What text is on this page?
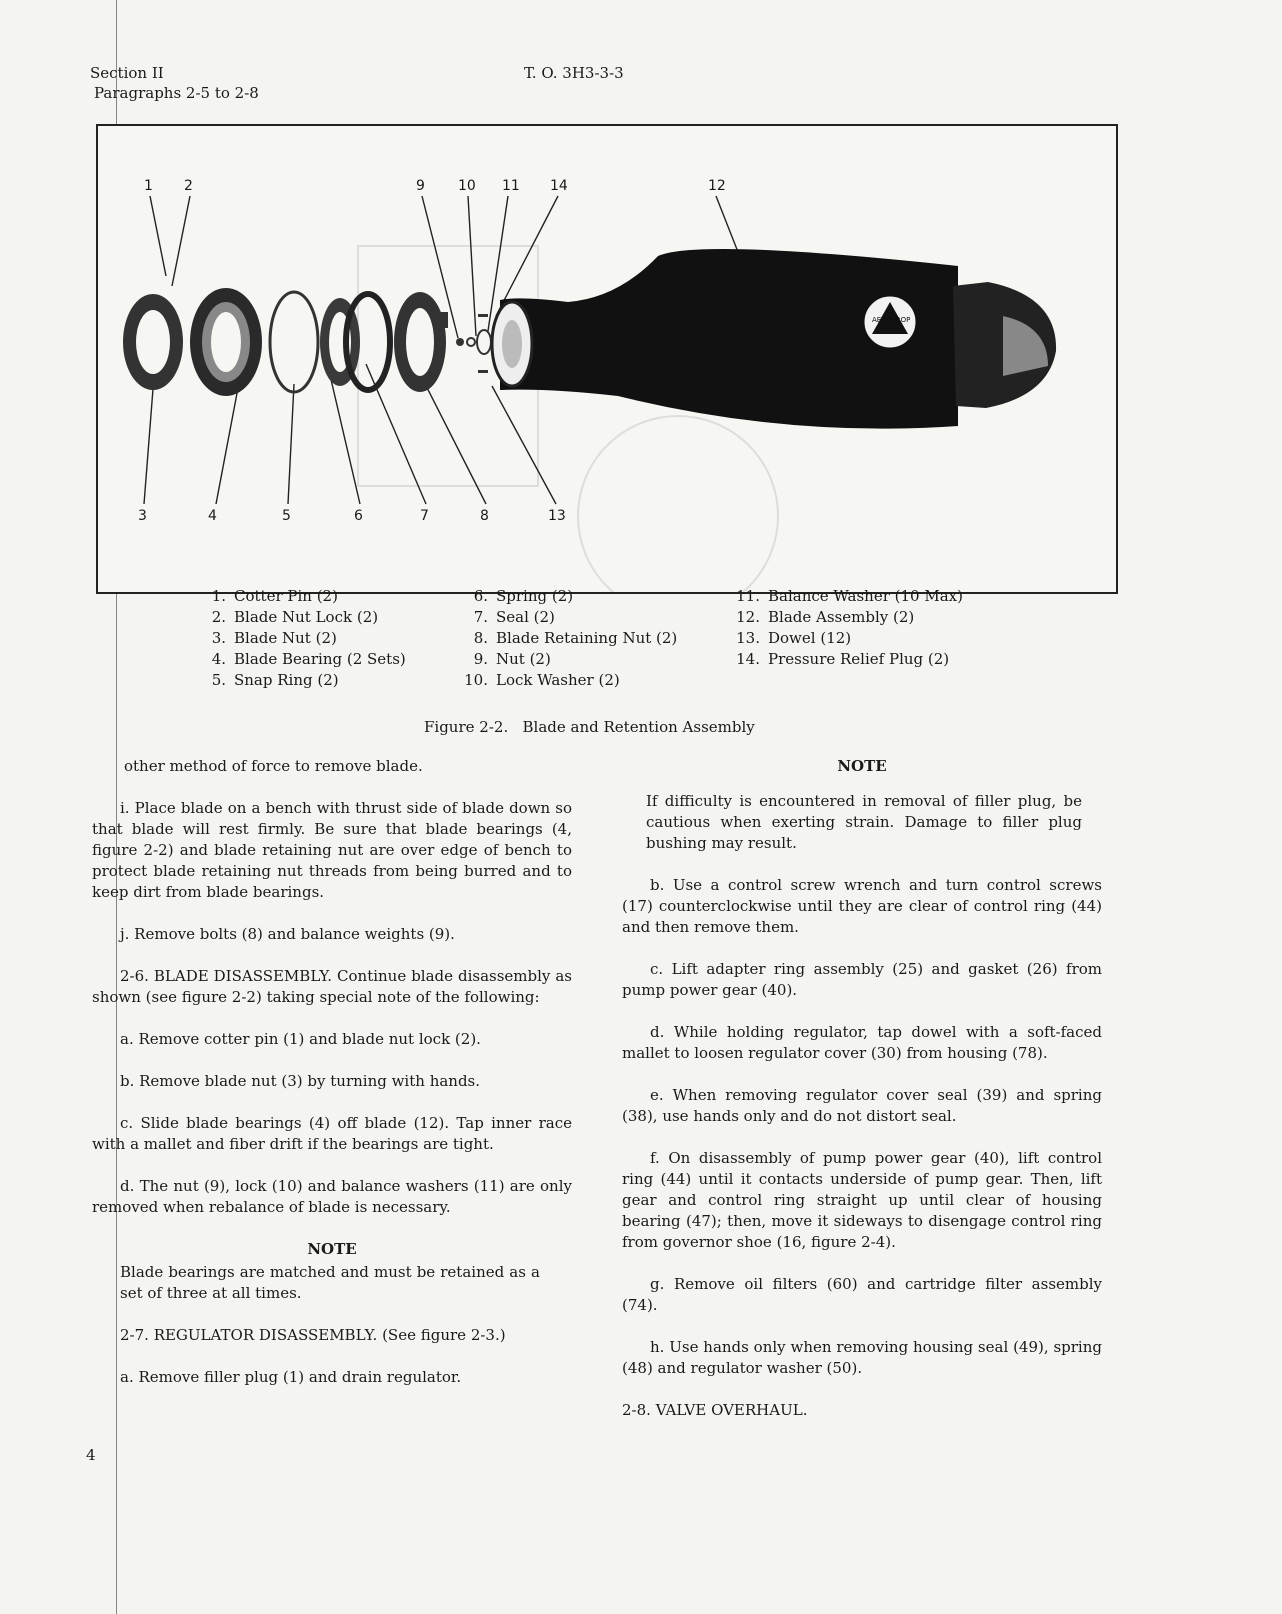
Section II
Paragraphs 2-5 to 2-8
T. O. 3H3-3-3
1 2	9 10 11 14	12
3	4	5	6	7	8	13
AEROPROP
1. Cotter Pin (2)
2. Blade Nut Lock (2)
3. Blade Nut (2)
4. Blade Bearing (2 Sets)
5. Snap Ring (2)
6. Spring (2)
7. Seal (2)
8. Blade Retaining Nut (2)
9. Nut (2)
10. Lock Washer (2)
11. Balance Washer (10 Max)
12. Blade Assembly (2)
13. Dowel (12)
14. Pressure Relief Plug (2)
Figure 2-2. Blade and Retention Assembly

other method of force to remove blade.

i. Place blade on a bench with thrust side of blade down so that blade will rest firmly. Be sure that blade bearings (4, figure 2-2) and blade retaining nut are over edge of bench to protect blade retaining nut threads from being burred and to keep dirt from blade bearings.

j. Remove bolts (8) and balance weights (9).

2-6. BLADE DISASSEMBLY. Continue blade disassembly as shown (see figure 2-2) taking special note of the following:

a. Remove cotter pin (1) and blade nut lock (2).

b. Remove blade nut (3) by turning with hands.

c. Slide blade bearings (4) off blade (12). Tap inner race with a mallet and fiber drift if the bearings are tight.

d. The nut (9), lock (10) and balance washers (11) are only removed when rebalance of blade is necessary.

NOTE

Blade bearings are matched and must be retained as a set of three at all times.

2-7. REGULATOR DISASSEMBLY. (See figure 2-3.)

a. Remove filler plug (1) and drain regulator.

NOTE

If difficulty is encountered in removal of filler plug, be cautious when exerting strain. Damage to filler plug bushing may result.

b. Use a control screw wrench and turn control screws (17) counterclockwise until they are clear of control ring (44) and then remove them.

c. Lift adapter ring assembly (25) and gasket (26) from pump power gear (40).

d. While holding regulator, tap dowel with a soft-faced mallet to loosen regulator cover (30) from housing (78).

e. When removing regulator cover seal (39) and spring (38), use hands only and do not distort seal.

f. On disassembly of pump power gear (40), lift control ring (44) until it contacts underside of pump gear. Then, lift gear and control ring straight up until clear of housing bearing (47); then, move it sideways to disengage control ring from governor shoe (16, figure 2-4).

g. Remove oil filters (60) and cartridge filter assembly (74).

h. Use hands only when removing housing seal (49), spring (48) and regulator washer (50).

2-8. VALVE OVERHAUL.

4
